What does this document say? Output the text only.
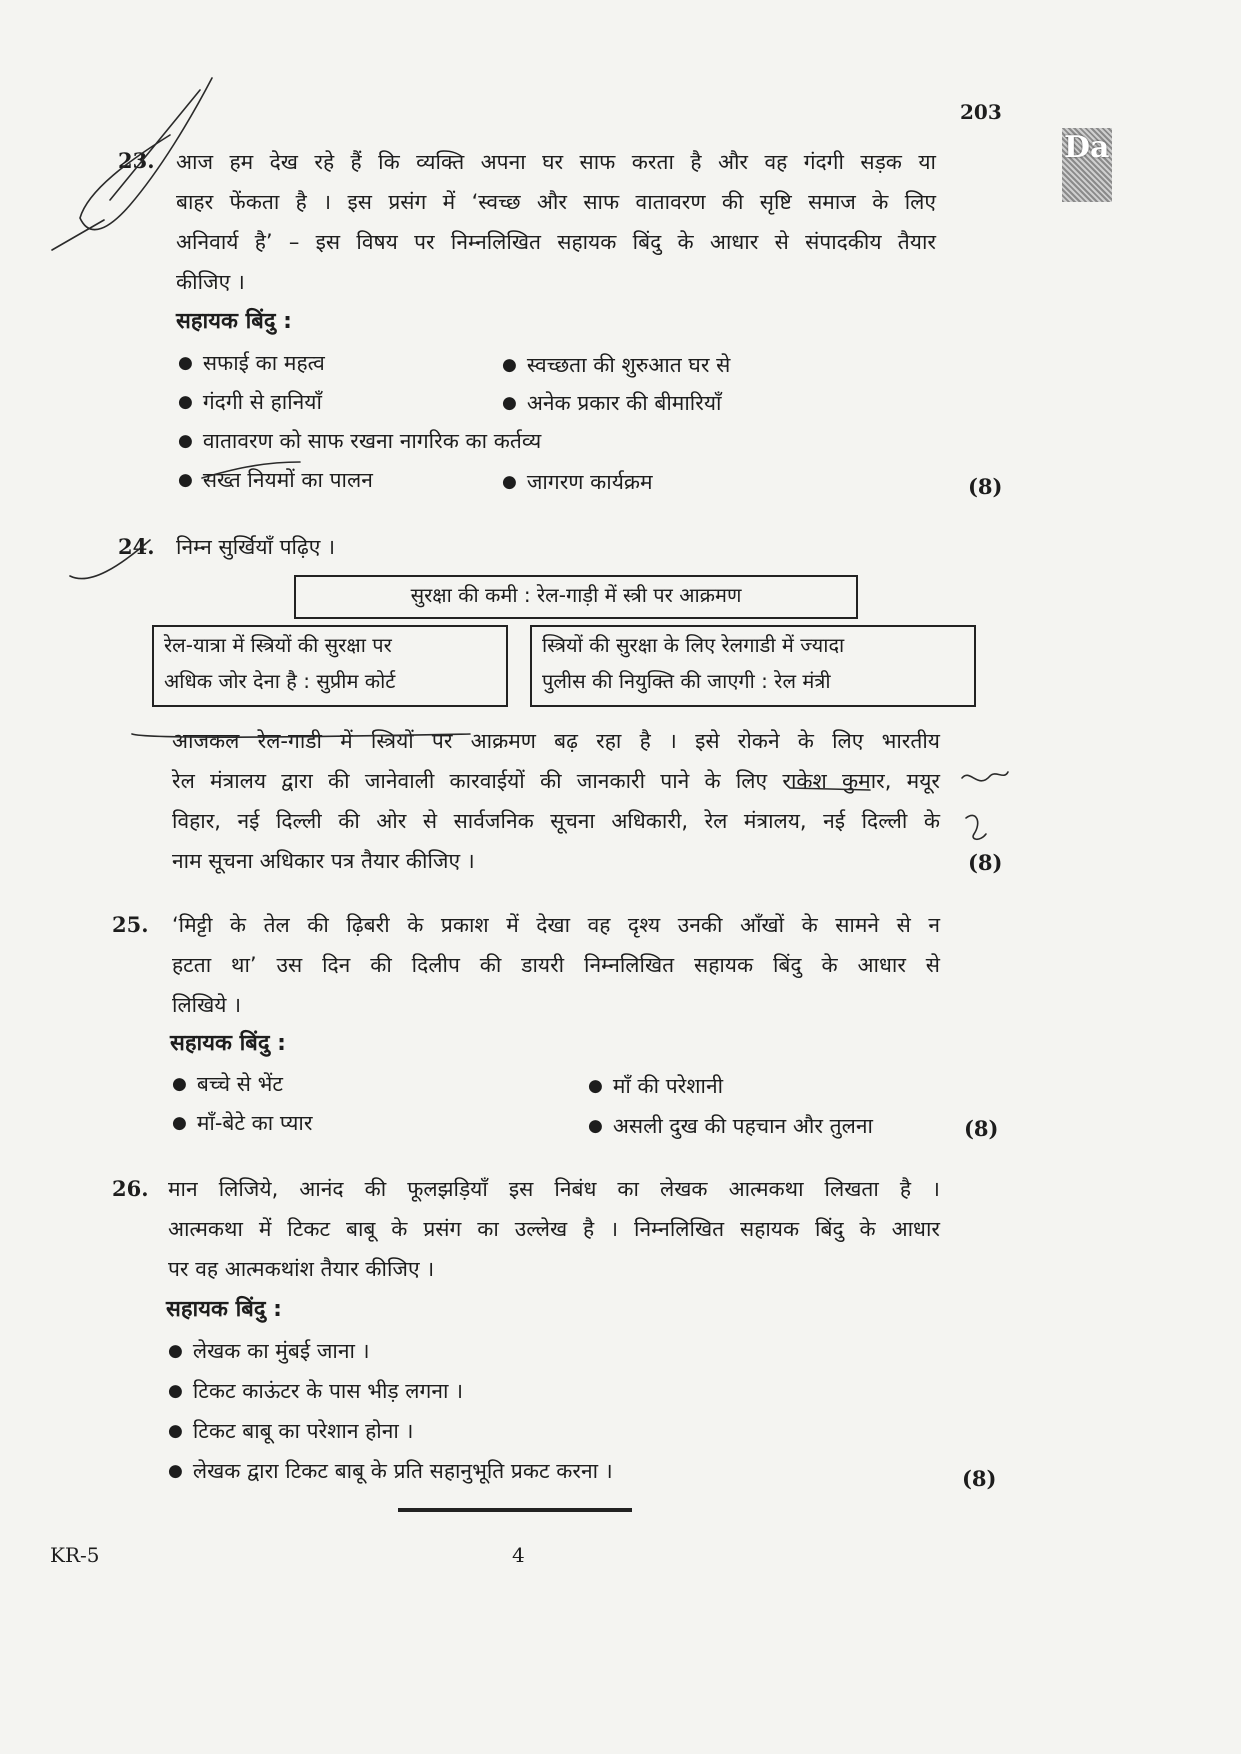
203
Da
23. आज हम देख रहे हैं कि व्यक्ति अपना घर साफ करता है और वह गंदगी सड़क या
बाहर फेंकता है । इस प्रसंग में ‘स्वच्छ और साफ वातावरण की सृष्टि समाज के लिए
अनिवार्य है’ – इस विषय पर निम्नलिखित सहायक बिंदु के आधार से संपादकीय तैयार
कीजिए ।
सहायक बिंदु :
● सफाई का महत्व	● स्वच्छता की शुरुआत घर से
● गंदगी से हानियाँ	● अनेक प्रकार की बीमारियाँ
● वातावरण को साफ रखना नागरिक का कर्तव्य
● सख्त नियमों का पालन	● जागरण कार्यक्रम	(8)
24. निम्न सुर्खियाँ पढ़िए ।
सुरक्षा की कमी : रेल-गाड़ी में स्त्री पर आक्रमण
रेल-यात्रा में स्त्रियों की सुरक्षा पर
अधिक जोर देना है : सुप्रीम कोर्ट
स्त्रियों की सुरक्षा के लिए रेलगाडी में ज्यादा
पुलीस की नियुक्ति की जाएगी : रेल मंत्री
आजकल रेल-गाडी में स्त्रियों पर आक्रमण बढ़ रहा है । इसे रोकने के लिए भारतीय
रेल मंत्रालय द्वारा की जानेवाली कारवाईयों की जानकारी पाने के लिए राकेश कुमार, मयूर
विहार, नई दिल्ली की ओर से सार्वजनिक सूचना अधिकारी, रेल मंत्रालय, नई दिल्ली के
नाम सूचना अधिकार पत्र तैयार कीजिए ।	(8)
25. ‘मिट्टी के तेल की ढ़िबरी के प्रकाश में देखा वह दृश्य उनकी आँखों के सामने से न
हटता था’ उस दिन की दिलीप की डायरी निम्नलिखित सहायक बिंदु के आधार से
लिखिये ।
सहायक बिंदु :
● बच्चे से भेंट	● माँ की परेशानी
● माँ-बेटे का प्यार	● असली दुख की पहचान और तुलना	(8)
26. मान लिजिये, आनंद की फूलझड़ियाँ इस निबंध का लेखक आत्मकथा लिखता है ।
आत्मकथा में टिकट बाबू के प्रसंग का उल्लेख है । निम्नलिखित सहायक बिंदु के आधार
पर वह आत्मकथांश तैयार कीजिए ।
सहायक बिंदु :
● लेखक का मुंबई जाना ।
● टिकट काऊंटर के पास भीड़ लगना ।
● टिकट बाबू का परेशान होना ।
● लेखक द्वारा टिकट बाबू के प्रति सहानुभूति प्रकट करना ।	(8)
KR-5	4
